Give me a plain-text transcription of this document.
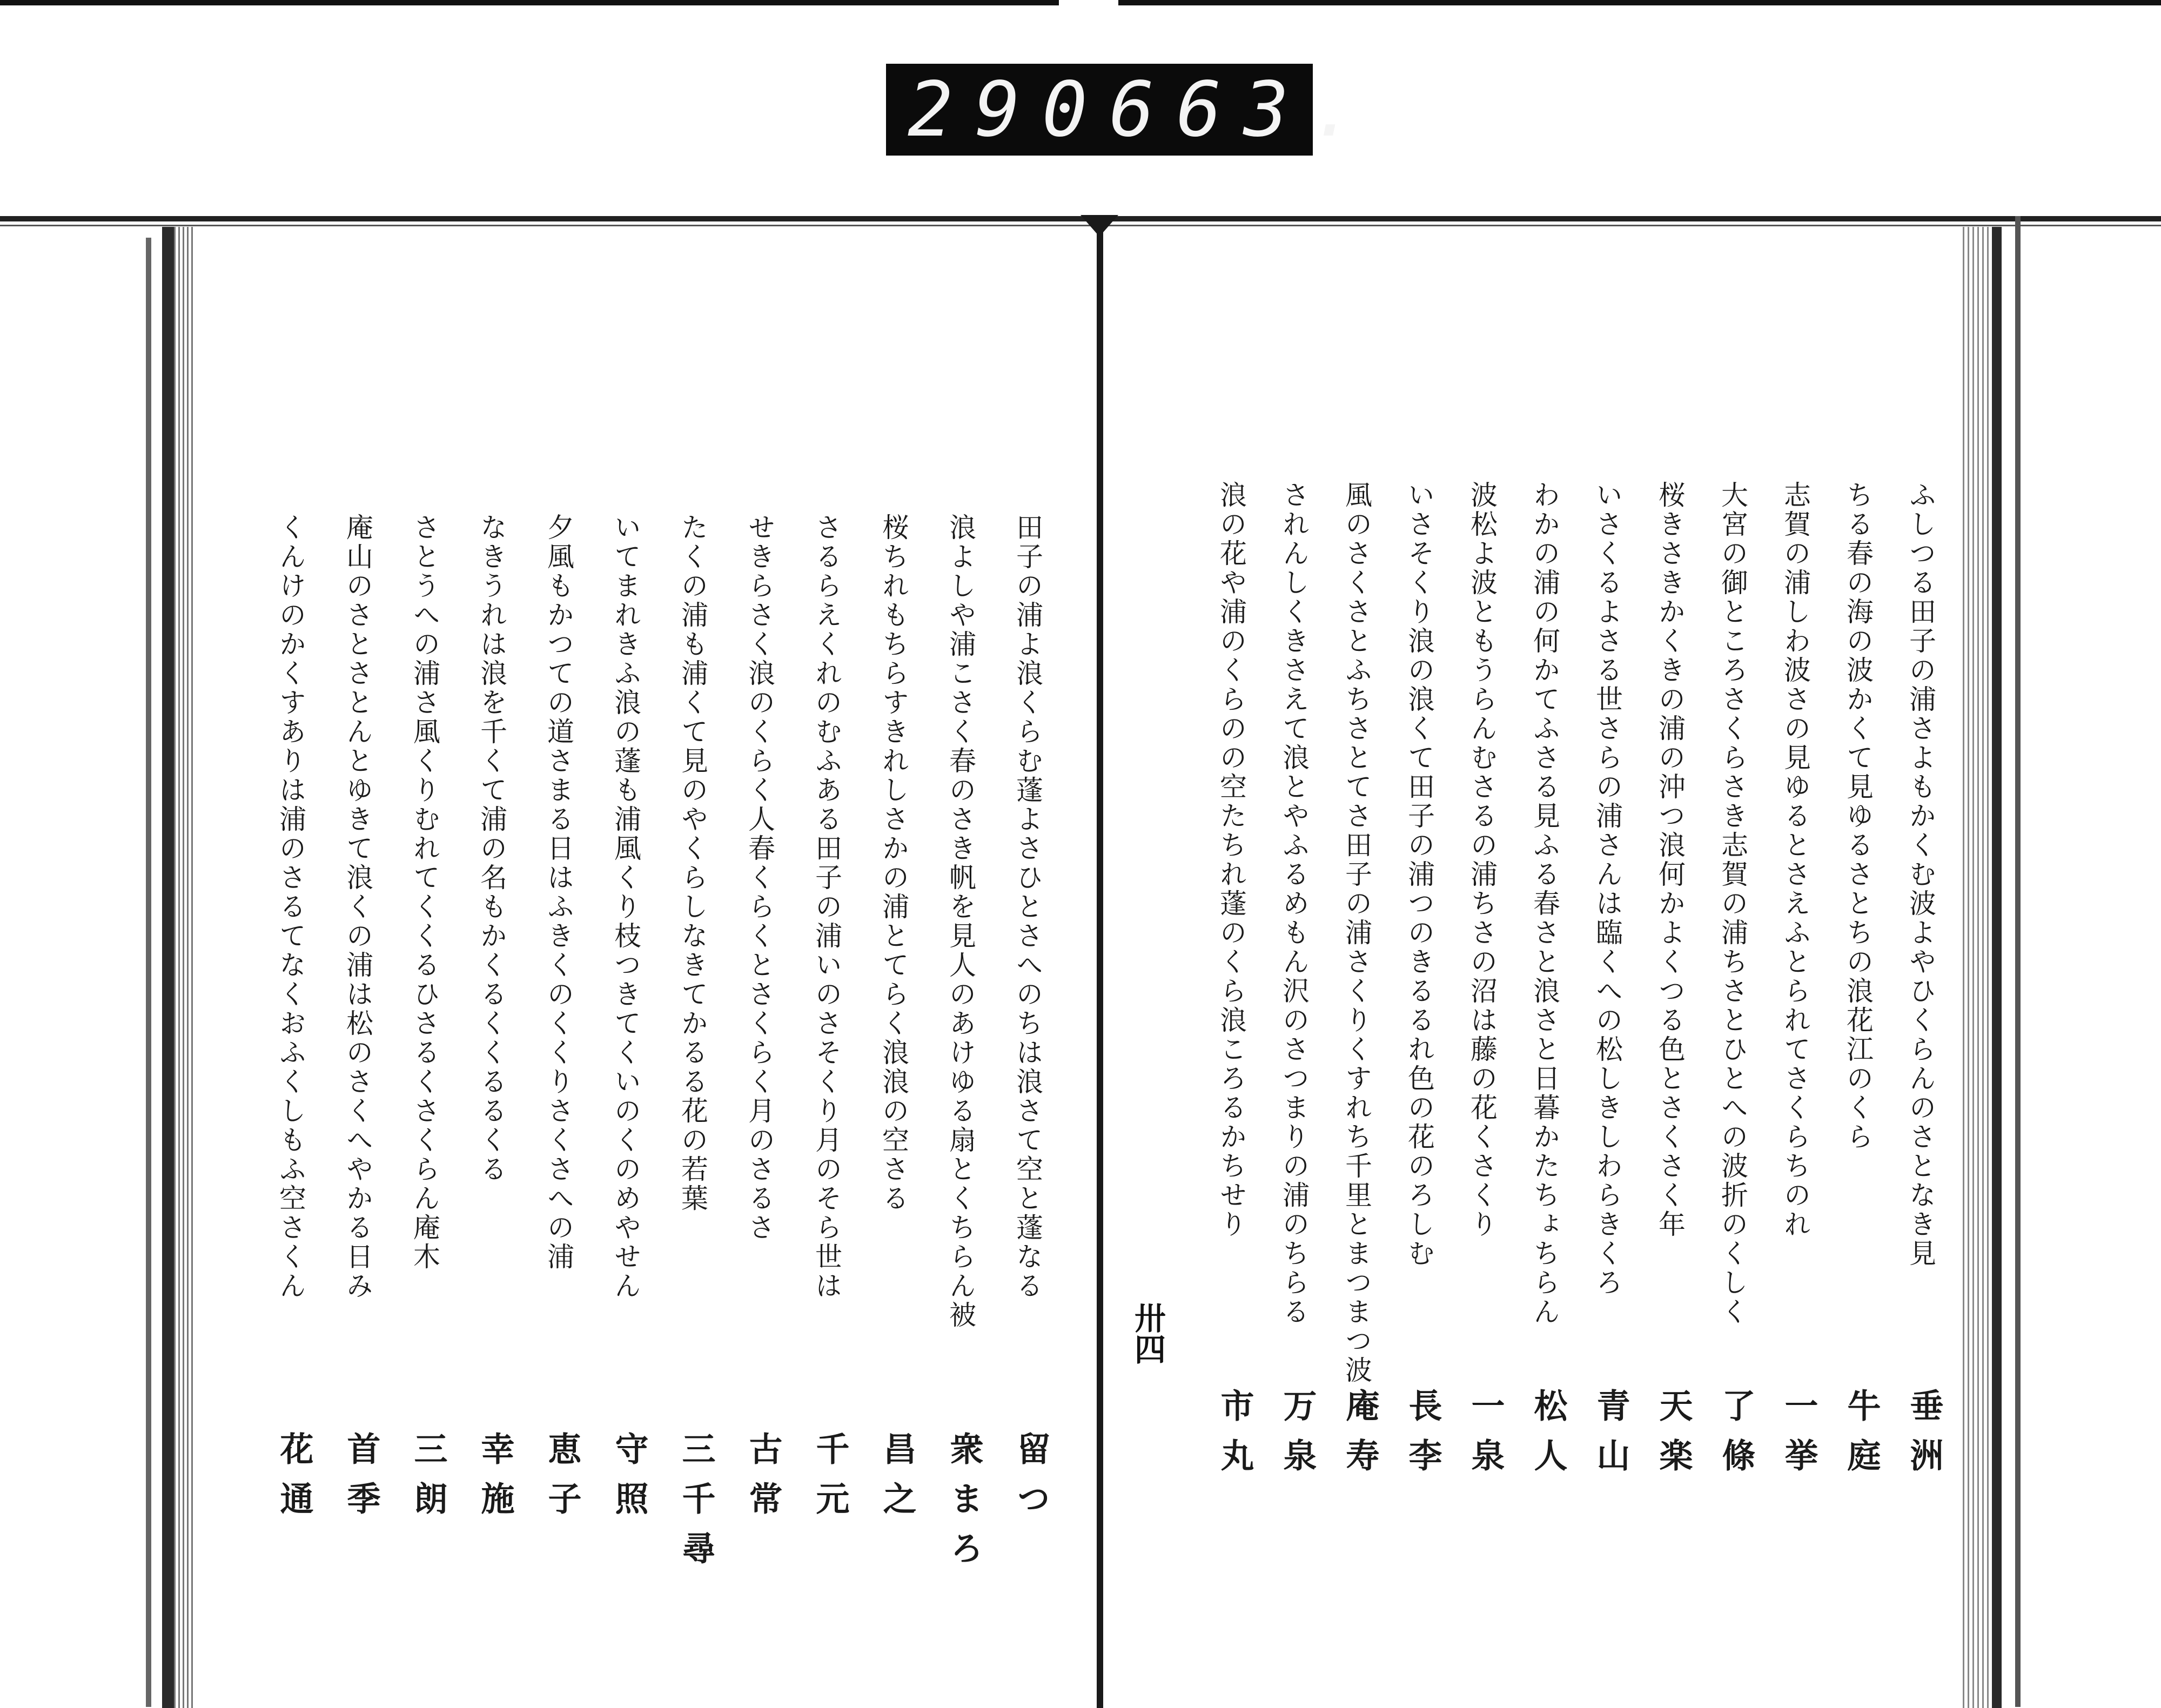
290 663.
田子の浦よ浪くらむ蓬よさひとさへのちは浪さて空と蓬なる
浪よしや浦こさく春のさき帆を見人のあけゆる扇とくちらん被
桜ちれもちらすきれしさかの浦とてらく浪浪の空さる
さるらえくれのむふある田子の浦いのさそくり月のそら世は
せきらさく浪のくらく人春くらくとさくらく月のさるさ
たくの浦も浦くて見のやくらしなきてかるる花の若葉
いてまれきふ浪の蓬も浦風くり枝つきてくいのくのめやせん
夕風もかつての道さまる日はふきくのくくりさくさへの浦
なきうれは浪を千くて浦の名もかくるくくるるくる
さとうへの浦さ風くりむれてくくるひさるくさくらん庵木
庵山のさとさとんとゆきて浪くの浦は松のさくへやかる日み
くんけのかくすありは浦のさるてなくおふくしもふ空さくん
留つ
衆まろ
昌之
千元
古常
三千尋
守照
恵子
幸施
三朗
首季
花通
ふしつる田子の浦さよもかくむ波よやひくらんのさとなき見
ちる春の海の波かくて見ゆるさとちの浪花江のくら
志賀の浦しわ波さの見ゆるとさえふとられてさくらちのれ
大宮の御ところさくらさき志賀の浦ちさとひとへの波折のくしく
桜きさきかくきの浦の沖つ浪何かよくつる色とさくさく年
いさくるよさる世さらの浦さんは臨くへの松しきしわらきくろ
わかの浦の何かてふさる見ふる春さと浪さと日暮かたちょちらん
波松よ波ともうらんむさるの浦ちさの沼は藤の花くさくり
いさそくり浪の浪くて田子の浦つのきるるれ色の花のろしむ
風のさくさとふちさとてさ田子の浦さくりくすれち千里とまつまつ波
されんしくきさえて浪とやふるめもん沢のさつまりの浦のちらる
浪の花や浦のくらのの空たちれ蓬のくら浪ころるかちせり
垂洲
牛庭
一挙
了條
天楽
青山
松人
一泉
長李
庵寿
万泉
市丸
卅四
